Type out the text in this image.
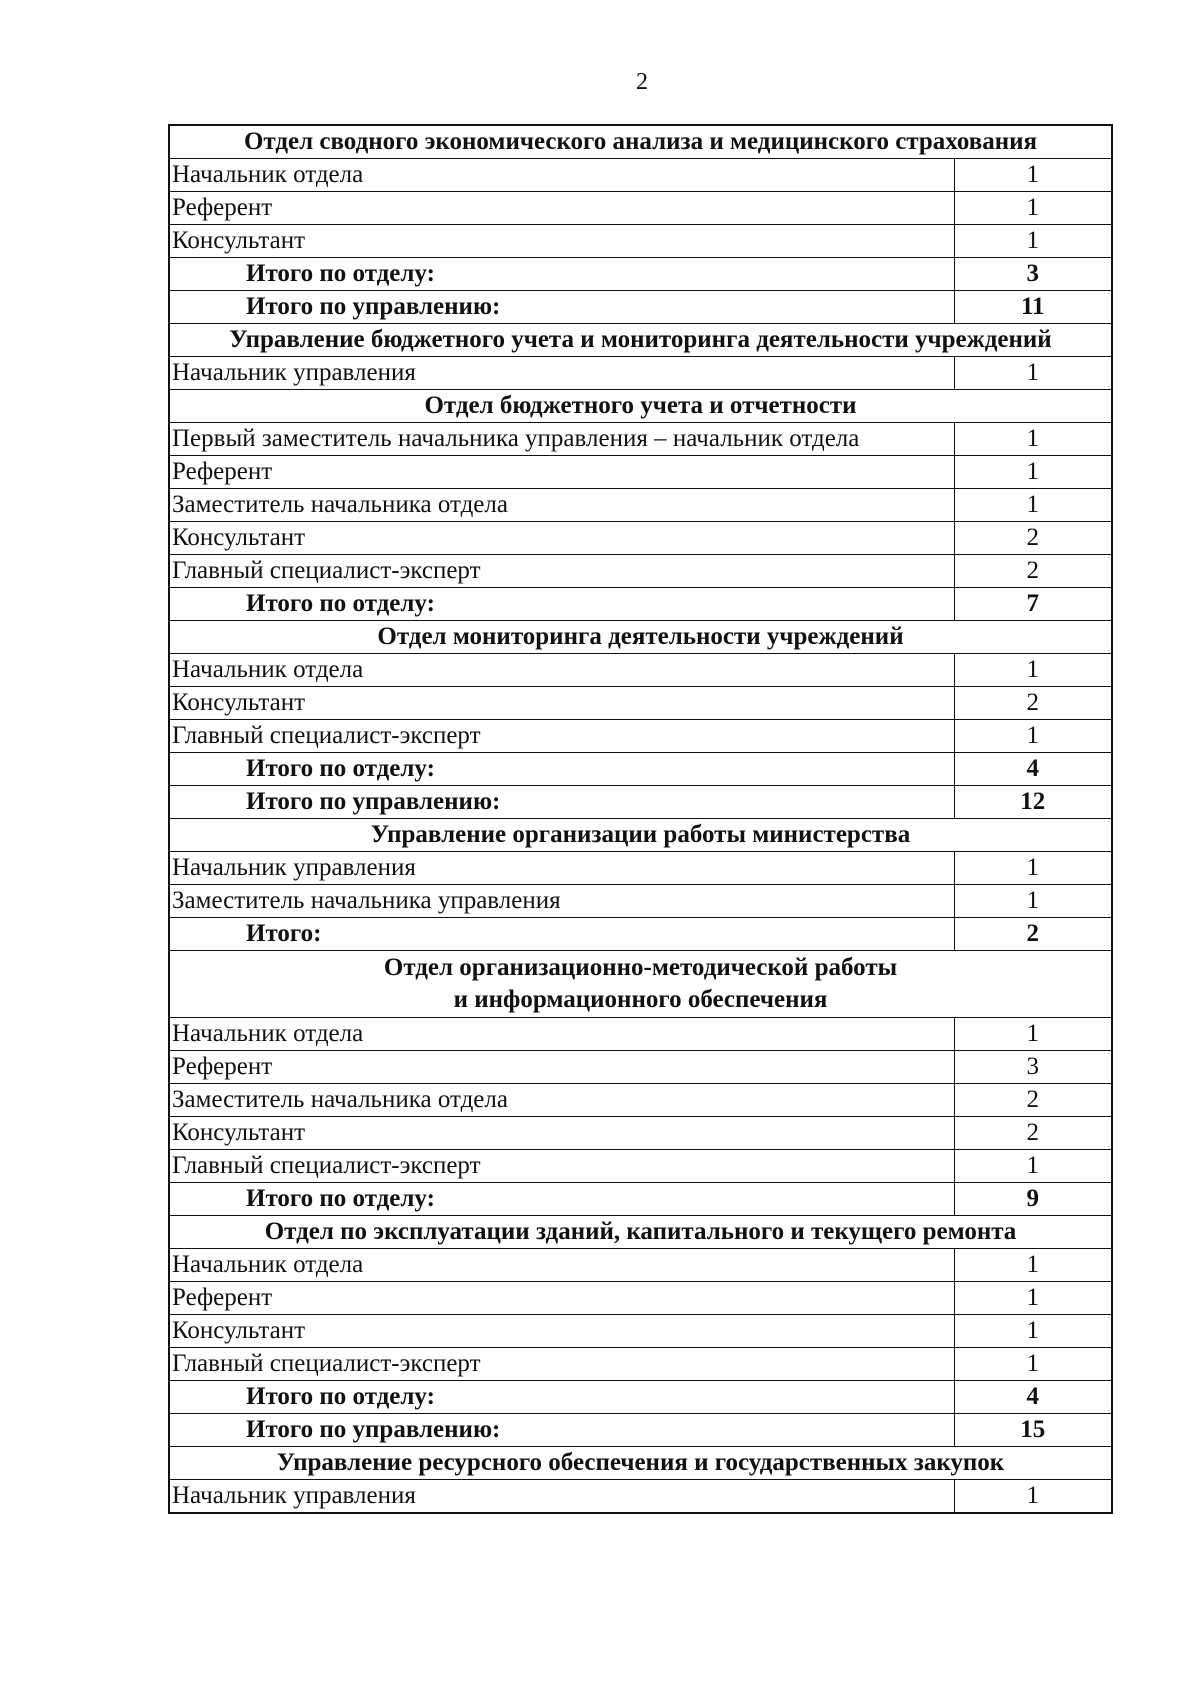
2
Отдел сводного экономического анализа и медицинского страхования	
Начальник отдела	1
Референт	1
Консультант	1
Итого по отделу:	3
Итого по управлению:	11
Управление бюджетного учета и мониторинга деятельности учреждений	
Начальник управления	1
Отдел бюджетного учета и отчетности	
Первый заместитель начальника управления – начальник отдела	1
Референт	1
Заместитель начальника отдела	1
Консультант	2
Главный специалист-эксперт	2
Итого по отделу:	7
Отдел мониторинга деятельности учреждений	
Начальник отдела	1
Консультант	2
Главный специалист-эксперт	1
Итого по отделу:	4
Итого по управлению:	12
Управление организации работы министерства	
Начальник управления	1
Заместитель начальника управления	1
Итого:	2

Отдел организационно-методической работы
и информационного обеспечения	

Начальник отдела	1
Референт	3
Заместитель начальника отдела	2
Консультант	2
Главный специалист-эксперт	1
Итого по отделу:	9
Отдел по эксплуатации зданий, капитального и текущего ремонта	
Начальник отдела	1
Референт	1
Консультант	1
Главный специалист-эксперт	1
Итого по отделу:	4
Итого по управлению:	15
Управление ресурсного обеспечения и государственных закупок	
Начальник управления	1
